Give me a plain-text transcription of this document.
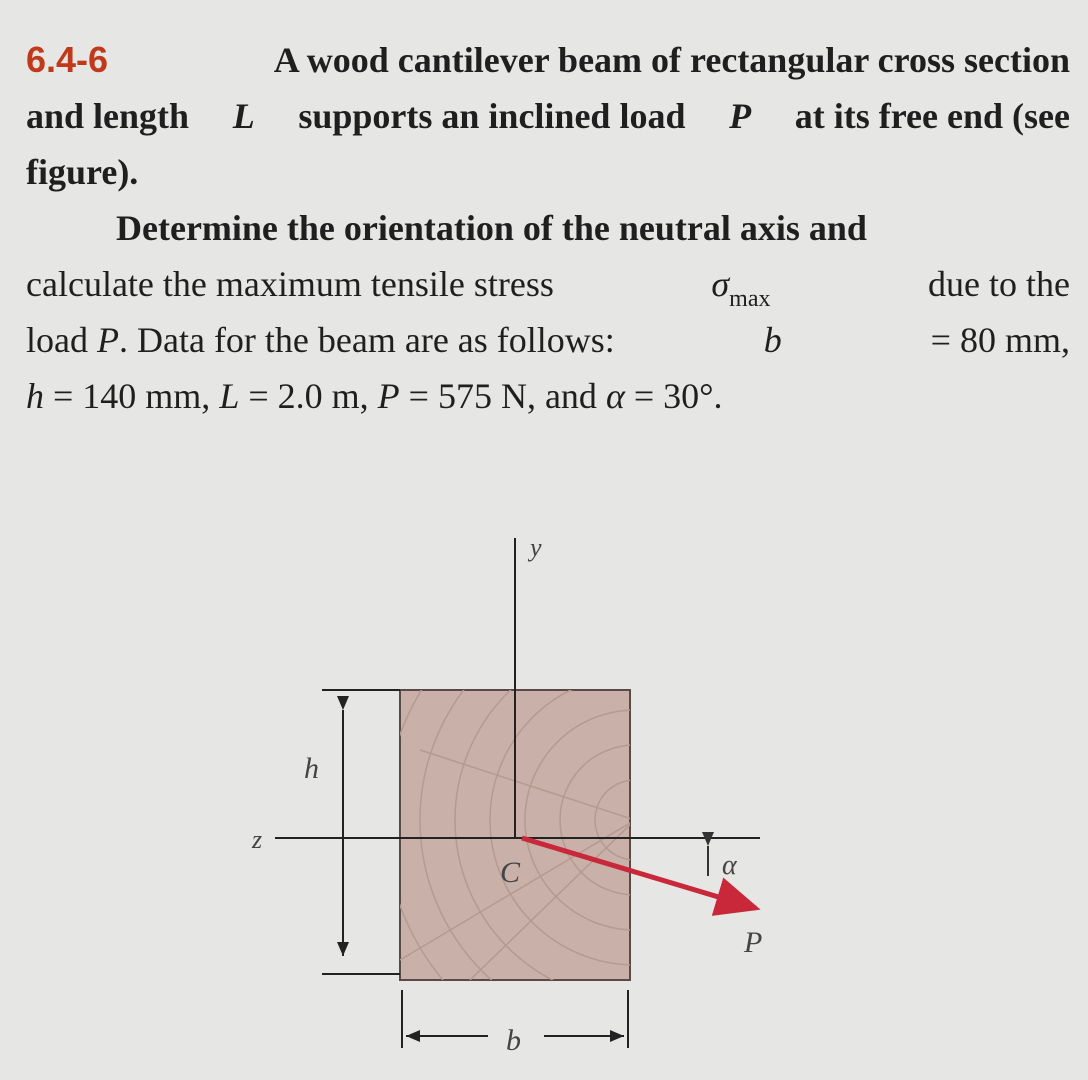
6.4-6	A wood cantilever beam of rectangular cross section
and length L supports an inclined load P at its free end (see
figure).
Determine the orientation of the neutral axis and
calculate the maximum tensile stress	$\sigma_{max}$	due to the
load P. Data for the beam are as follows:	b	= 80 mm,
h = 140 mm, L = 2.0 m, P = 575 N, and α = 30°.
y
z
C
h
b
P
α
